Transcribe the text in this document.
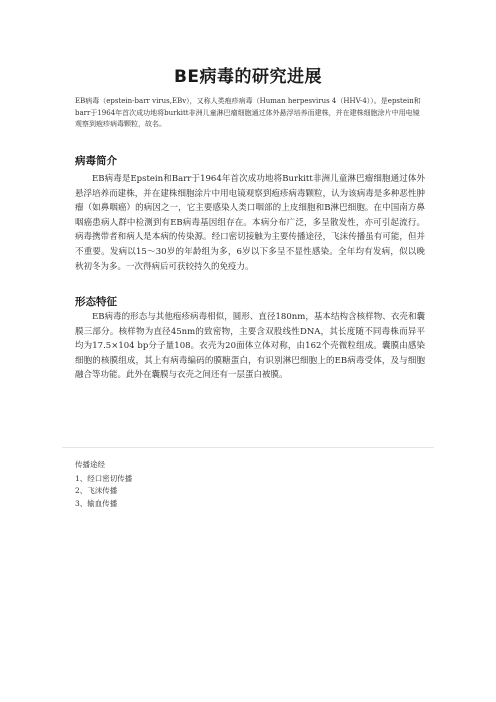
BE病毒的研究进展
EB病毒（epstein-barr virus,EBv），又称人类疱疹病毒（Human herpesvirus 4（HHV-4））。是epstein和barr于1964年首次成功地将burkitt非洲儿童淋巴瘤细胞通过体外悬浮培养而建株，并在建株细胞涂片中用电镜观察到疱疹病毒颗粒，故名。
病毒简介
EB病毒是Epstein和Barr于1964年首次成功地将Burkitt非洲儿童淋巴瘤细胞通过体外悬浮培养而建株，并在建株细胞涂片中用电镜观察到疱疹病毒颗粒，认为该病毒是多种恶性肿瘤（如鼻咽癌）的病因之一，它主要感染人类口咽部的上皮细胞和B淋巴细胞。在中国南方鼻咽癌患病人群中检测到有EB病毒基因组存在。本病分布广泛，多呈散发性，亦可引起流行。病毒携带者和病人是本病的传染源。经口密切接触为主要传播途径，飞沫传播虽有可能，但并不重要。发病以15～30岁的年龄组为多，6岁以下多呈不显性感染。全年均有发病，似以晚秋初冬为多。一次得病后可获较持久的免疫力。
形态特征
EB病毒的形态与其他疱疹病毒相似，圆形、直径180nm，基本结构含核样物、衣壳和囊膜三部分。核样物为直径45nm的致密物，主要含双股线性DNA，其长度随不同毒株而异平均为17.5×104 bp分子量108。衣壳为20面体立体对称，由162个壳微粒组成。囊膜由感染细胞的核膜组成，其上有病毒编码的膜糖蛋白，有识别淋巴细胞上的EB病毒受体，及与细胞融合等功能。此外在囊膜与衣壳之间还有一层蛋白被膜。
传播途经
1、经口密切传播
2、飞沫传播
3、输血传播
